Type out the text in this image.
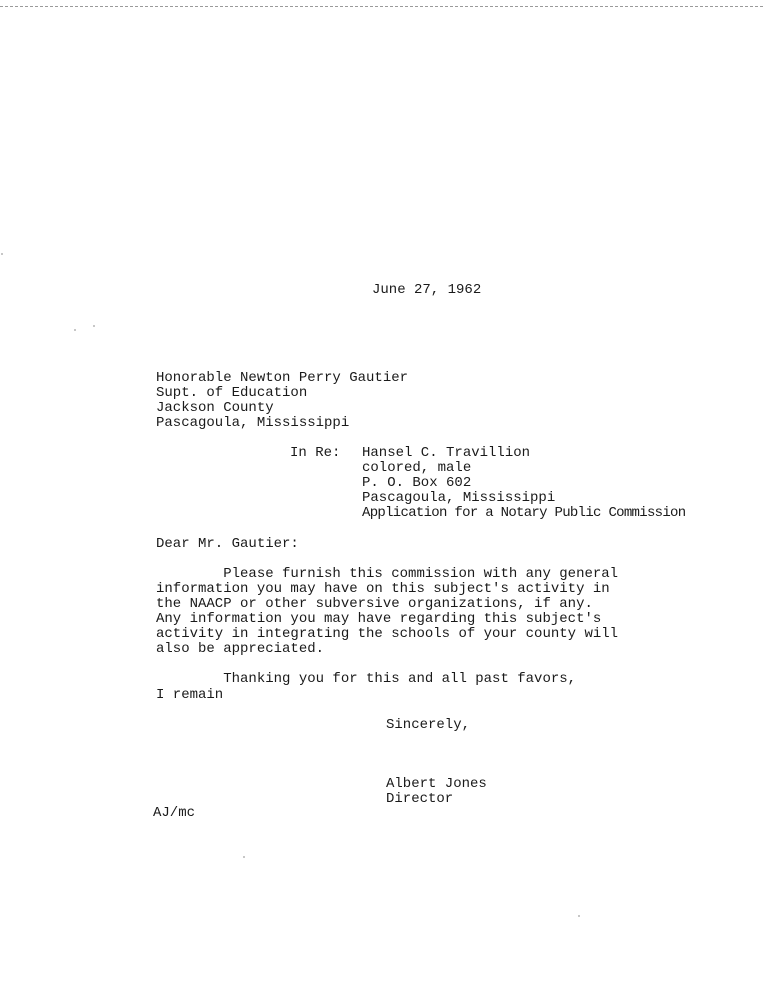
June 27, 1962
Honorable Newton Perry Gautier
Supt. of Education
Jackson County
Pascagoula, Mississippi
In Re: Hansel C. Travillion
colored, male
P. O. Box 602
Pascagoula, Mississippi
Application for a Notary Public Commission
Dear Mr. Gautier:
Please furnish this commission with any general
information you may have on this subject's activity in
the NAACP or other subversive organizations, if any.
Any information you may have regarding this subject's
activity in integrating the schools of your county will
also be appreciated.
Thanking you for this and all past favors,
I remain
Sincerely,
Albert Jones
Director
AJ/mc
